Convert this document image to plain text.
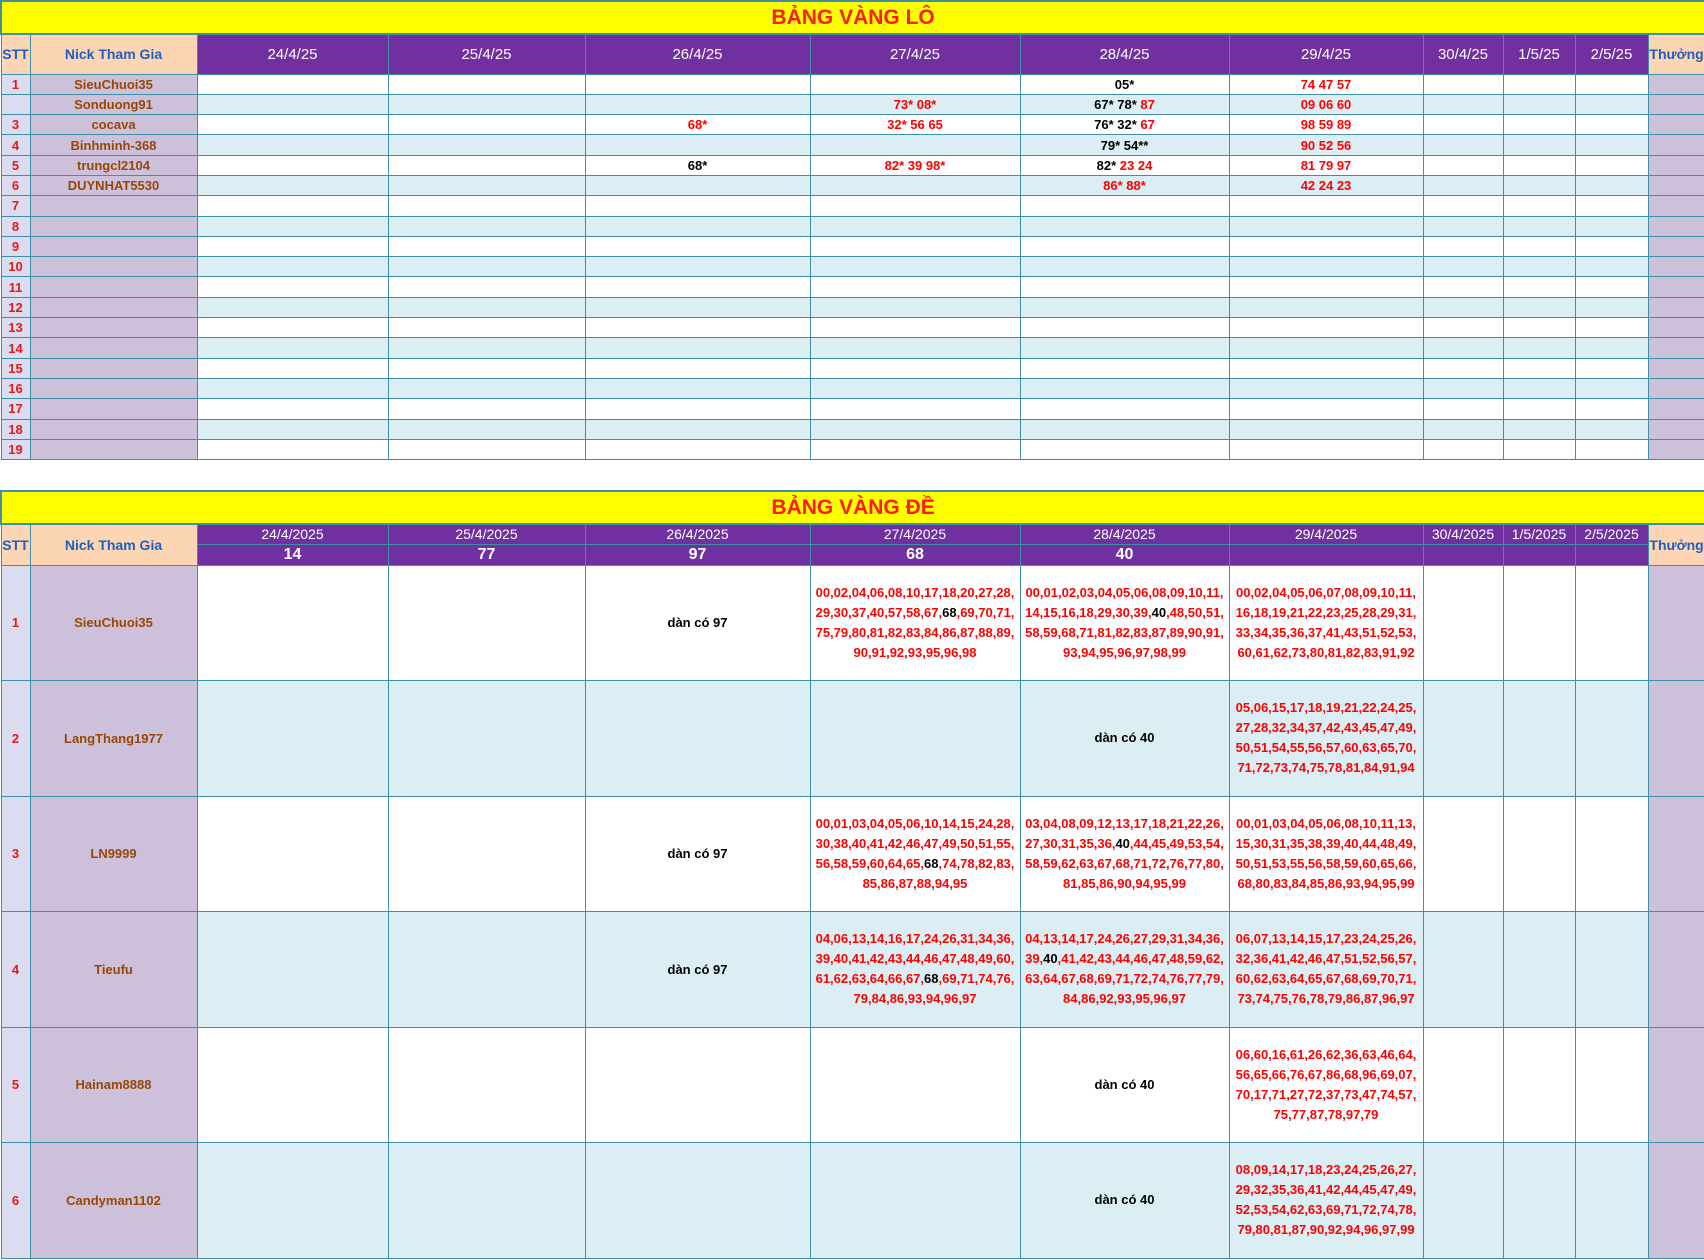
BẢNG VÀNG LÔ											
STT	Nick Tham Gia	24/4/25	25/4/25	26/4/25	27/4/25	28/4/25	29/4/25	30/4/25	1/5/25	2/5/25	Thưởng
1	SieuChuoi35					05*	74 47 57				
	Sonduong91				73* 08*	67* 78* 87	09 06 60				
3	cocava			68*	32* 56 65	76* 32* 67	98 59 89				
4	Binhminh-368					79* 54**	90 52 56				
5	trungcl2104			68*	82* 39 98*	82* 23 24	81 79 97				
6	DUYNHAT5530					86* 88*	42 24 23				
7											
8											
9											
10											
11											
12											
13											
14											
15											
16											
17											
18											
19											
BẢNG VÀNG ĐỀ											
STT	Nick Tham Gia	24/4/2025	25/4/2025	26/4/2025	27/4/2025	28/4/2025	29/4/2025	30/4/2025	1/5/2025	2/5/2025	Thưởng
		14	77	97	68	40					
1	SieuChuoi35			dàn có 97	00,02,04,06,08,10,17,18,20,27,28,29,30,37,40,57,58,67,68,69,70,71,75,79,80,81,82,83,84,86,87,88,89,90,91,92,93,95,96,98	00,01,02,03,04,05,06,08,09,10,11,14,15,16,18,29,30,39,40,48,50,51,58,59,68,71,81,82,83,87,89,90,91,93,94,95,96,97,98,99	00,02,04,05,06,07,08,09,10,11,16,18,19,21,22,23,25,28,29,31,33,34,35,36,37,41,43,51,52,53,60,61,62,73,80,81,82,83,91,92				
2	LangThang1977					dàn có 40	05,06,15,17,18,19,21,22,24,25,27,28,32,34,37,42,43,45,47,49,50,51,54,55,56,57,60,63,65,70,71,72,73,74,75,78,81,84,91,94				
3	LN9999			dàn có 97	00,01,03,04,05,06,10,14,15,24,28,30,38,40,41,42,46,47,49,50,51,55,56,58,59,60,64,65,68,74,78,82,83,85,86,87,88,94,95	03,04,08,09,12,13,17,18,21,22,26,27,30,31,35,36,40,44,45,49,53,54,58,59,62,63,67,68,71,72,76,77,80,81,85,86,90,94,95,99	00,01,03,04,05,06,08,10,11,13,15,30,31,35,38,39,40,44,48,49,50,51,53,55,56,58,59,60,65,66,68,80,83,84,85,86,93,94,95,99				
4	Tieufu			dàn có 97	04,06,13,14,16,17,24,26,31,34,36,39,40,41,42,43,44,46,47,48,49,60,61,62,63,64,66,67,68,69,71,74,76,79,84,86,93,94,96,97	04,13,14,17,24,26,27,29,31,34,36,39,40,41,42,43,44,46,47,48,59,62,63,64,67,68,69,71,72,74,76,77,79,84,86,92,93,95,96,97	06,07,13,14,15,17,23,24,25,26,32,36,41,42,46,47,51,52,56,57,60,62,63,64,65,67,68,69,70,71,73,74,75,76,78,79,86,87,96,97				
5	Hainam8888					dàn có 40	06,60,16,61,26,62,36,63,46,64,56,65,66,76,67,86,68,96,69,07,70,17,71,27,72,37,73,47,74,57,75,77,87,78,97,79				
6	Candyman1102					dàn có 40	08,09,14,17,18,23,24,25,26,27,29,32,35,36,41,42,44,45,47,49,52,53,54,62,63,69,71,72,74,78,79,80,81,87,90,92,94,96,97,99				
